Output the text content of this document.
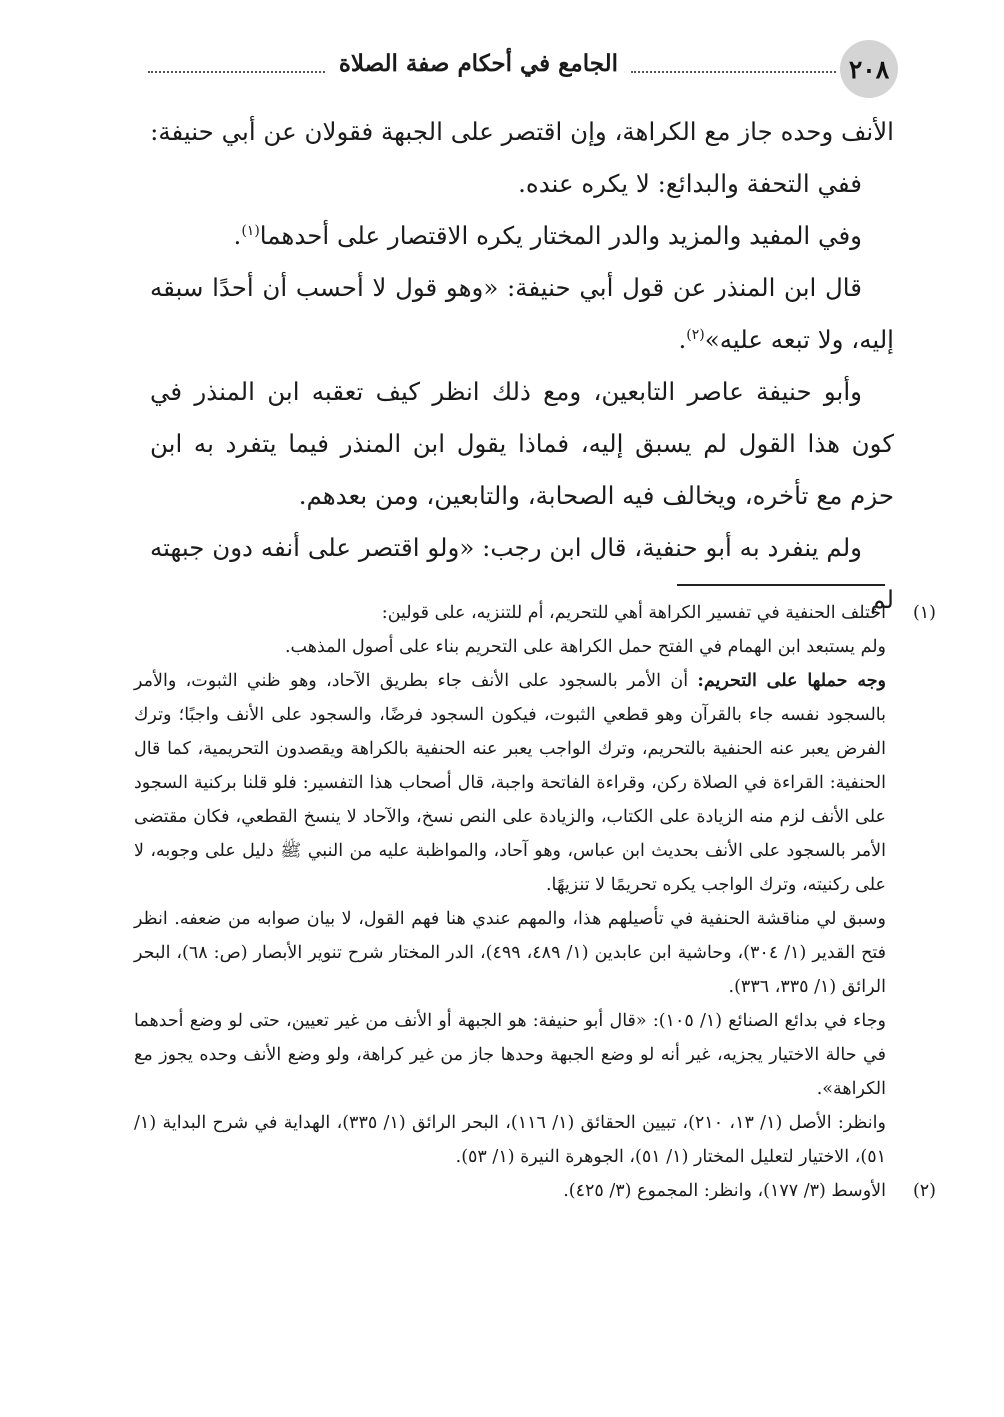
٢٠٨
الجامع في أحكام صفة الصلاة

الأنف وحده جاز مع الكراهة، وإن اقتصر على الجبهة فقولان عن أبي حنيفة:

ففي التحفة والبدائع: لا يكره عنده.

وفي المفيد والمزيد والدر المختار يكره الاقتصار على أحدهما$^{(١)}$.

قال ابن المنذر عن قول أبي حنيفة: «وهو قول لا أحسب أن أحدًا سبقه إليه، ولا تبعه عليه»$^{(٢)}$.

وأبو حنيفة عاصر التابعين، ومع ذلك انظر كيف تعقبه ابن المنذر في كون هذا القول لم يسبق إليه، فماذا يقول ابن المنذر فيما يتفرد به ابن حزم مع تأخره، ويخالف فيه الصحابة، والتابعين، ومن بعدهم.

ولم ينفرد به أبو حنفية، قال ابن رجب: «ولو اقتصر على أنفه دون جبهته لم (١)

اختلف الحنفية في تفسير الكراهة أهي للتحريم، أم للتنزيه، على قولين:

ولم يستبعد ابن الهمام في الفتح حمل الكراهة على التحريم بناء على أصول المذهب.

وجه حملها على التحريم: أن الأمر بالسجود على الأنف جاء بطريق الآحاد، وهو ظني الثبوت، والأمر بالسجود نفسه جاء بالقرآن وهو قطعي الثبوت، فيكون السجود فرضًا، والسجود على الأنف واجبًا؛ وترك الفرض يعبر عنه الحنفية بالتحريم، وترك الواجب يعبر عنه الحنفية بالكراهة ويقصدون التحريمية، كما قال الحنفية: القراءة في الصلاة ركن، وقراءة الفاتحة واجبة، قال أصحاب هذا التفسير: فلو قلنا بركنية السجود على الأنف لزم منه الزيادة على الكتاب، والزيادة على النص نسخ، والآحاد لا ينسخ القطعي، فكان مقتضى الأمر بالسجود على الأنف بحديث ابن عباس، وهو آحاد، والمواظبة عليه من النبي ﷺ دليل على وجوبه، لا على ركنيته، وترك الواجب يكره تحريمًا لا تنزيهًا.

وسبق لي مناقشة الحنفية في تأصيلهم هذا، والمهم عندي هنا فهم القول، لا بيان صوابه من ضعفه. انظر فتح القدير (١/ ٣٠٤)، وحاشية ابن عابدين (١/ ٤٨٩، ٤٩٩)، الدر المختار شرح تنوير الأبصار (ص: ٦٨)، البحر الرائق (١/ ٣٣٥، ٣٣٦).

وجاء في بدائع الصنائع (١/ ١٠٥): «قال أبو حنيفة: هو الجبهة أو الأنف من غير تعيين، حتى لو وضع أحدهما في حالة الاختيار يجزيه، غير أنه لو وضع الجبهة وحدها جاز من غير كراهة، ولو وضع الأنف وحده يجوز مع الكراهة».

وانظر: الأصل (١/ ١٣، ٢١٠)، تبيين الحقائق (١/ ١١٦)، البحر الرائق (١/ ٣٣٥)، الهداية في شرح البداية (١/ ٥١)، الاختيار لتعليل المختار (١/ ٥١)، الجوهرة النيرة (١/ ٥٣).

(٢)

الأوسط (٣/ ١٧٧)، وانظر: المجموع (٣/ ٤٢٥).
